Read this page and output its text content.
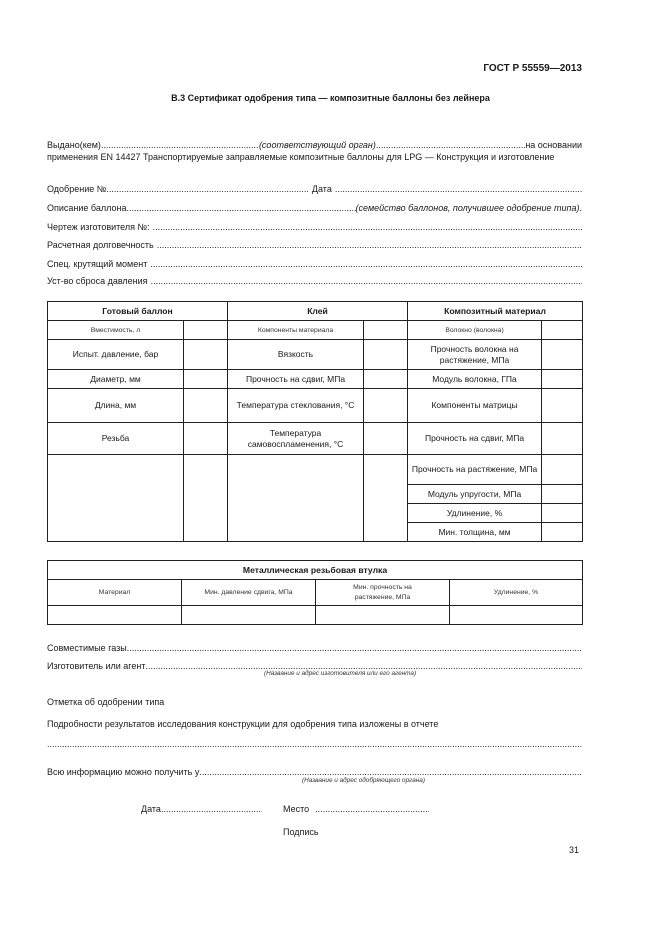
ГОСТ Р 55559—2013
В.3 Сертификат одобрения типа — композитные баллоны без лейнера
Выдано(кем) .....	(соответствующий орган) .....	на основании
применения EN 14427 Транспортируемые заправляемые композитные баллоны для LPG — Конструкция и изготовление
Одобрение №. .....	Дата
.....
Описание баллона .....	(семейство баллонов, получившее одобрение типа) .
Чертеж изготовителя №:
.....
Расчетная долговечность
.....
Спец. крутящий момент
.....
Уст-во сброса давления
.....
Готовый баллон		Клей		Композитный материал	
Вместимость, л		Компоненты материала		Волокно (волокна)	
Испыт. давление, бар		Вязкость		Прочность волокна на растяжение, МПа	
Диаметр, мм		Прочность на сдвиг, МПа		Модуль волокна, ГПа	
Длина, мм		Температура стеклования, °С		Компоненты матрицы	
Резьба		Температура самовоспламенения, °С		Прочность на сдвиг, МПа	
				Прочность на растяжение, МПа	
				Модуль упругости, МПа	
				Удлинение, %	
				Мин. толщина, мм	
Металлическая резьбовая втулка			
Материал	Мин. давление сдвига, МПа	Мин. прочность на растяжение, МПа	Удлинение, %

Совместимые газы
.....
Изготовитель или агент
.....
(Название и адрес изготовителя или его агента)
Отметка об одобрении типа
Подробности результатов исследования конструкции для одобрения типа изложены в отчете
.....
Всю информацию можно получить у
.....
(Название и адрес одобряющего органа)
Дата .....	Место.....
Подпись
31
